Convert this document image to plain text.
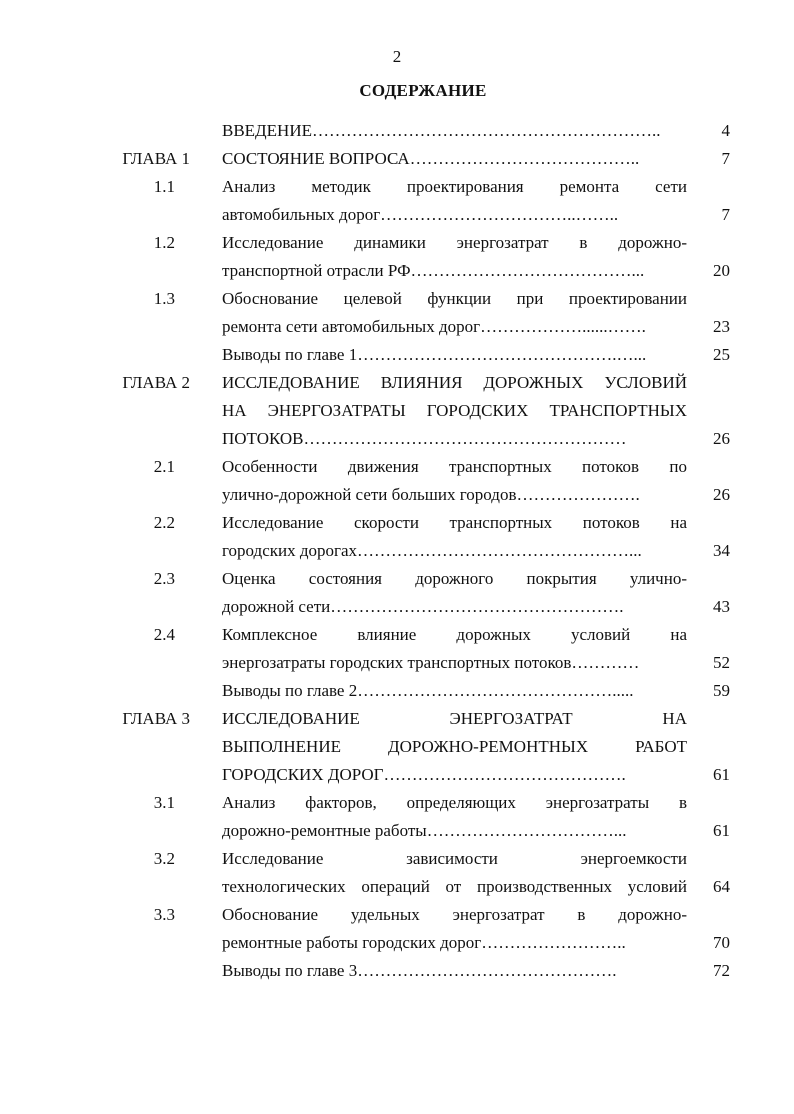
2
СОДЕРЖАНИЕ
ВВЕДЕНИЕ……………………………………………………..	4
ГЛАВА 1 СОСТОЯНИЕ ВОПРОСА…………………………………..	7
1.1	Анализ методик проектирования ремонта сети
автомобильных дорог……………………………..……..	7
1.2	Исследование динамики энергозатрат в дорожно-
транспортной отрасли РФ…………………………………...	20
1.3	Обоснование целевой функции при проектировании
ремонта сети автомобильных дорог………………......…….	23
Выводы по главе 1……………………………………….…...	25
ГЛАВА 2 ИССЛЕДОВАНИЕ ВЛИЯНИЯ ДОРОЖНЫХ УСЛОВИЙ
НА ЭНЕРГОЗАТРАТЫ ГОРОДСКИХ ТРАНСПОРТНЫХ
ПОТОКОВ…………………………………………………	26
2.1	Особенности движения транспортных потоков по
улично-дорожной сети больших городов………………….	26
2.2	Исследование скорости транспортных потоков на
городских дорогах…………………………………………...	34
2.3	Оценка состояния дорожного покрытия улично-
дорожной сети…………………………………………….	43
2.4	Комплексное влияние дорожных условий на
энергозатраты городских транспортных потоков…………	52
Выводы по главе 2……………………………………….....	59
ГЛАВА 3 ИССЛЕДОВАНИЕ ЭНЕРГОЗАТРАТ НА
ВЫПОЛНЕНИЕ ДОРОЖНО-РЕМОНТНЫХ РАБОТ
ГОРОДСКИХ ДОРОГ…………………………………….	61
3.1	Анализ факторов, определяющих энергозатраты в
дорожно-ремонтные работы……………………………...	61
3.2	Исследование зависимости энергоемкости
технологических операций от производственных условий	64
3.3	Обоснование удельных энергозатрат в дорожно-
ремонтные работы городских дорог……………………..	70
Выводы по главе 3……………………………………….	72
